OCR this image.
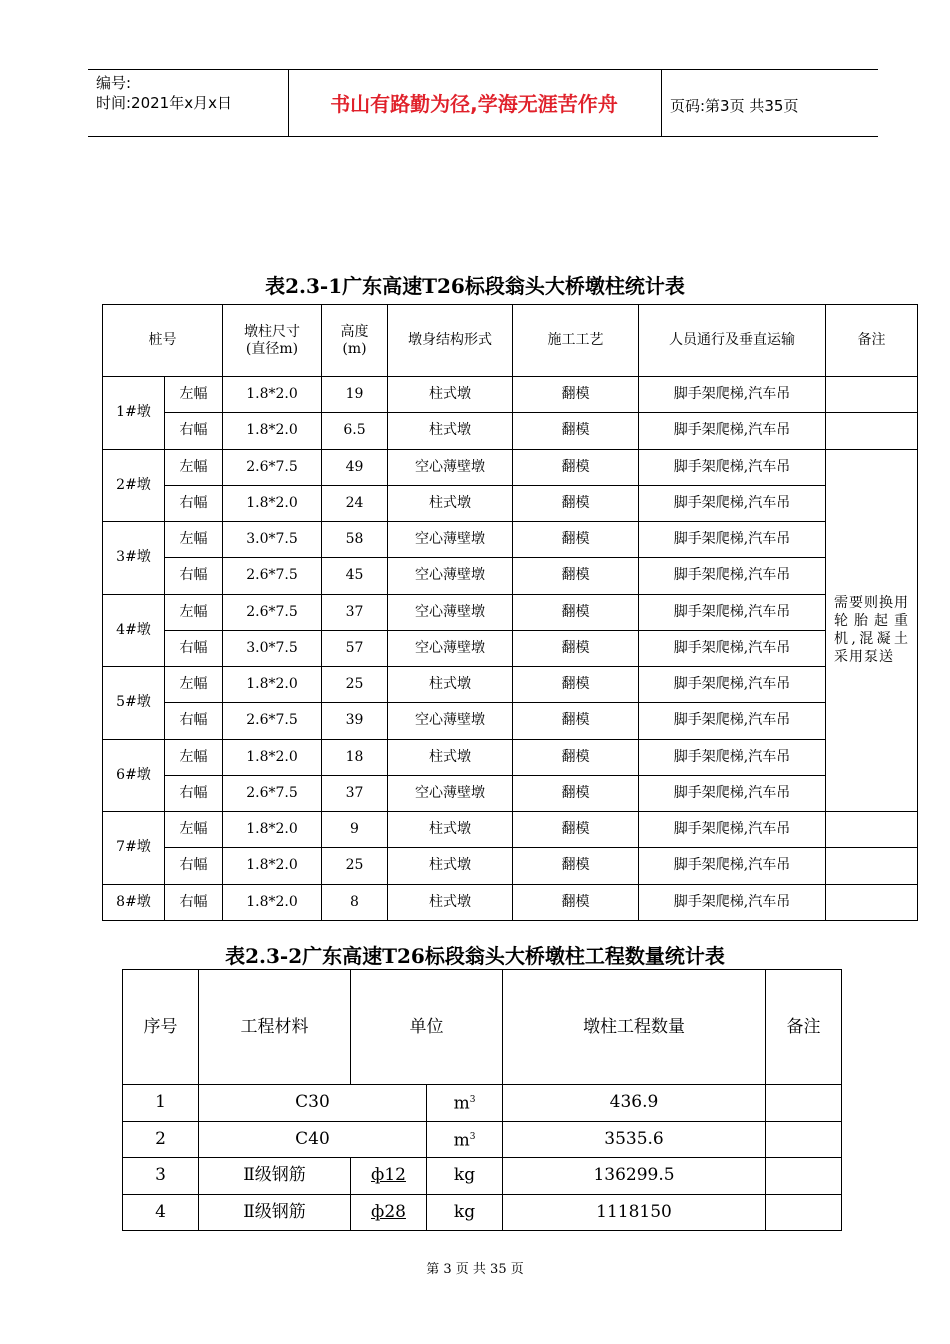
编号:
时间:2021年x月x日	书山有路勤为径,学海无涯苦作舟	页码:第3页 共35页
表2.3-1广东高速T26标段翁头大桥墩柱统计表
桩号		墩柱尺寸(直径m)	高度(m)	墩身结构形式	施工工艺	人员通行及垂直运输	备注
1#墩	左幅	1.8*2.0	19	柱式墩	翻模	脚手架爬梯,汽车吊	
	右幅	1.8*2.0	6.5	柱式墩	翻模	脚手架爬梯,汽车吊	
2#墩	左幅	2.6*7.5	49	空心薄壁墩	翻模	脚手架爬梯,汽车吊	需要则换用轮胎起重机,混凝土采用泵送
	右幅	1.8*2.0	24	柱式墩	翻模	脚手架爬梯,汽车吊	
3#墩	左幅	3.0*7.5	58	空心薄壁墩	翻模	脚手架爬梯,汽车吊	
	右幅	2.6*7.5	45	空心薄壁墩	翻模	脚手架爬梯,汽车吊	
4#墩	左幅	2.6*7.5	37	空心薄壁墩	翻模	脚手架爬梯,汽车吊	
	右幅	3.0*7.5	57	空心薄壁墩	翻模	脚手架爬梯,汽车吊	
5#墩	左幅	1.8*2.0	25	柱式墩	翻模	脚手架爬梯,汽车吊	
	右幅	2.6*7.5	39	空心薄壁墩	翻模	脚手架爬梯,汽车吊	
6#墩	左幅	1.8*2.0	18	柱式墩	翻模	脚手架爬梯,汽车吊	
	右幅	2.6*7.5	37	空心薄壁墩	翻模	脚手架爬梯,汽车吊	
7#墩	左幅	1.8*2.0	9	柱式墩	翻模	脚手架爬梯,汽车吊	
	右幅	1.8*2.0	25	柱式墩	翻模	脚手架爬梯,汽车吊	
8#墩	右幅	1.8*2.0	8	柱式墩	翻模	脚手架爬梯,汽车吊	
表2.3-2广东高速T26标段翁头大桥墩柱工程数量统计表
序号	工程材料	单位		墩柱工程数量	备注
1	C30		$m^3$	436.9	
2	C40		$m^3$	3535.6	
3	Ⅱ级钢筋	ф12	kg	136299.5	
4	Ⅱ级钢筋	ф28	kg	1118150	
第 3 页 共 35 页
